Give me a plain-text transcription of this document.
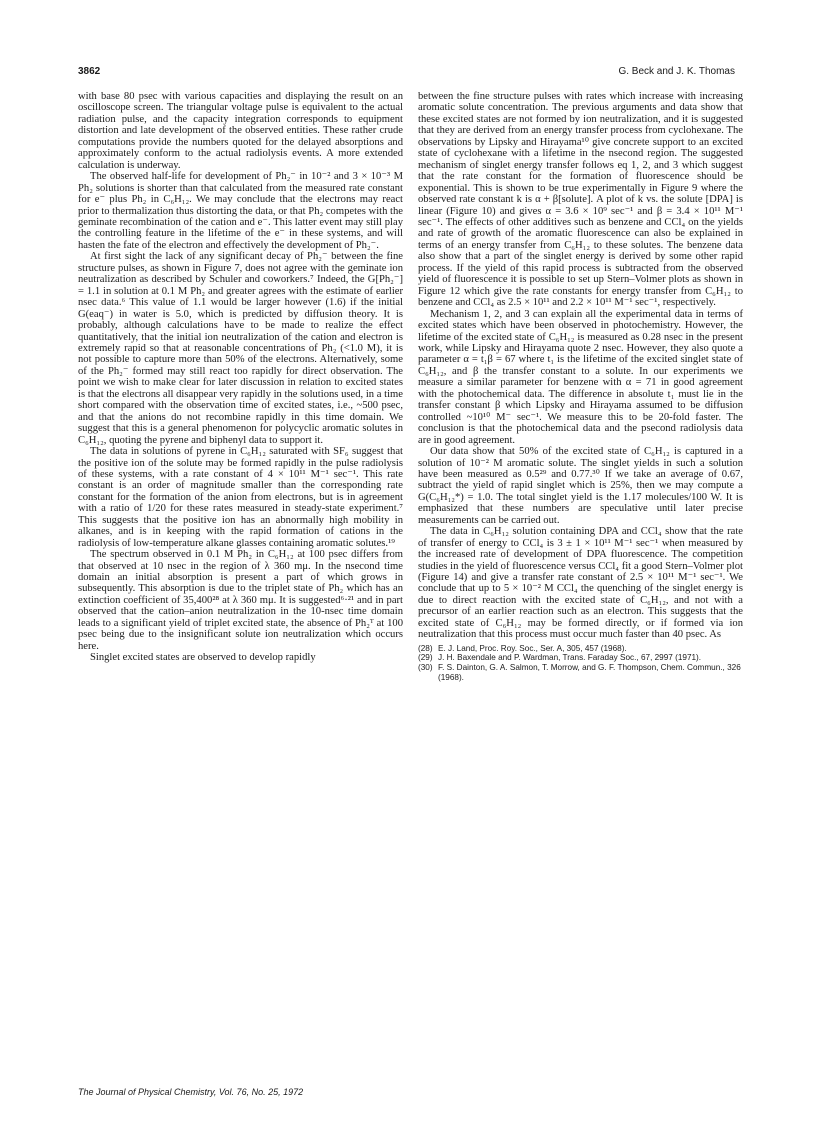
3862	G. Beck and J. K. Thomas

with base 80 psec with various capacities and displaying the result on an oscilloscope screen. The triangular voltage pulse is equivalent to the actual radiation pulse, and the capacity integration corresponds to equipment distortion and late development of the observed entities. These rather crude computations provide the numbers quoted for the delayed absorptions and approximately conform to the actual radiolysis events. A more extended calculation is underway.

The observed half-life for development of Ph₂⁻ in 10⁻² and 3 × 10⁻³ M Ph₂ solutions is shorter than that calculated from the measured rate constant for e⁻ plus Ph₂ in C₆H₁₂. We may conclude that the electrons may react prior to thermalization thus distorting the data, or that Ph₂ competes with the geminate recombination of the cation and e⁻. This latter event may still play the controlling feature in the lifetime of the e⁻ in these systems, and will hasten the fate of the electron and effectively the development of Ph₂⁻.

At first sight the lack of any significant decay of Ph₂⁻ between the fine structure pulses, as shown in Figure 7, does not agree with the geminate ion neutralization as described by Schuler and coworkers.⁷ Indeed, the G[Ph₂⁻] = 1.1 in solution at 0.1 M Ph₂ and greater agrees with the estimate of earlier nsec data.⁶ This value of 1.1 would be larger however (1.6) if the initial G(eaq⁻) in water is 5.0, which is predicted by diffusion theory. It is probably, although calculations have to be made to realize the effect quantitatively, that the initial ion neutralization of the cation and electron is extremely rapid so that at reasonable concentrations of Ph₂ (<1.0 M), it is not possible to capture more than 50% of the electrons. Alternatively, some of the Ph₂⁻ formed may still react too rapidly for direct observation. The point we wish to make clear for later discussion in relation to excited states is that the electrons all disappear very rapidly in the solutions used, in a time short compared with the observation time of excited states, i.e., ~500 psec, and that the anions do not recombine rapidly in this time domain. We suggest that this is a general phenomenon for polycyclic aromatic solutes in C₆H₁₂, quoting the pyrene and biphenyl data to support it.

The data in solutions of pyrene in C₆H₁₂ saturated with SF₆ suggest that the positive ion of the solute may be formed rapidly in the pulse radiolysis of these systems, with a rate constant of 4 × 10¹¹ M⁻¹ sec⁻¹. This rate constant is an order of magnitude smaller than the corresponding rate constant for the formation of the anion from electrons, but is in agreement with a ratio of 1/20 for these rates measured in steady-state experiment.⁷ This suggests that the positive ion has an abnormally high mobility in alkanes, and is in keeping with the rapid formation of cations in the radiolysis of low-temperature alkane glasses containing aromatic solutes.¹⁹

The spectrum observed in 0.1 M Ph₂ in C₆H₁₂ at 100 psec differs from that observed at 10 nsec in the region of λ 360 mμ. In the nsecond time domain an initial absorption is present a part of which grows in subsequently. This absorption is due to the triplet state of Ph₂ which has an extinction coefficient of 35,400²⁸ at λ 360 mμ. It is suggested⁶·²¹ and in part observed that the cation–anion neutralization in the 10-nsec time domain leads to a significant yield of triplet excited state, the absence of Ph₂ᵀ at 100 psec being due to the insignificant solute ion neutralization which occurs here.

Singlet excited states are observed to develop rapidly

between the fine structure pulses with rates which increase with increasing aromatic solute concentration. The previous arguments and data show that these excited states are not formed by ion neutralization, and it is suggested that they are derived from an energy transfer process from cyclohexane. The observations by Lipsky and Hirayama¹⁰ give concrete support to an excited state of cyclohexane with a lifetime in the nsecond region. The suggested mechanism of singlet energy transfer follows eq 1, 2, and 3 which suggest that the rate constant for the formation of fluorescence should be exponential. This is shown to be true experimentally in Figure 9 where the observed rate constant k is α + β[solute]. A plot of k vs. the solute [DPA] is linear (Figure 10) and gives α = 3.6 × 10⁹ sec⁻¹ and β = 3.4 × 10¹¹ M⁻¹ sec⁻¹. The effects of other additives such as benzene and CCl₄ on the yields and rate of growth of the aromatic fluorescence can also be explained in terms of an energy transfer from C₆H₁₂ to these solutes. The benzene data also show that a part of the singlet energy is derived by some other rapid process. If the yield of this rapid process is subtracted from the observed yield of fluorescence it is possible to set up Stern–Volmer plots as shown in Figure 12 which give the rate constants for energy transfer from C₆H₁₂ to benzene and CCl₄ as 2.5 × 10¹¹ and 2.2 × 10¹¹ M⁻¹ sec⁻¹, respectively.

Mechanism 1, 2, and 3 can explain all the experimental data in terms of excited states which have been observed in photochemistry. However, the lifetime of the excited state of C₆H₁₂ is measured as 0.28 nsec in the present work, while Lipsky and Hirayama quote 2 nsec. However, they also quote a parameter α = t₁β = 67 where t₁ is the lifetime of the excited singlet state of C₆H₁₂, and β the transfer constant to a solute. In our experiments we measure a similar parameter for benzene with α = 71 in good agreement with the photochemical data. The difference in absolute t₁ must lie in the transfer constant β which Lipsky and Hirayama assumed to be diffusion controlled ~10¹⁰ M⁻ sec⁻¹. We measure this to be 20-fold faster. The conclusion is that the photochemical data and the psecond radiolysis data are in good agreement.

Our data show that 50% of the excited state of C₆H₁₂ is captured in a solution of 10⁻² M aromatic solute. The singlet yields in such a solution have been measured as 0.5²⁹ and 0.77.³⁰ If we take an average of 0.67, subtract the yield of rapid singlet which is 25%, then we may compute a G(C₆H₁₂*) = 1.0. The total singlet yield is the 1.17 molecules/100 W. It is emphasized that these numbers are speculative until later precise measurements can be carried out.

The data in C₆H₁₂ solution containing DPA and CCl₄ show that the rate of transfer of energy to CCl₄ is 3 ± 1 × 10¹¹ M⁻¹ sec⁻¹ when measured by the increased rate of development of DPA fluorescence. The competition studies in the yield of fluorescence versus CCl₄ fit a good Stern–Volmer plot (Figure 14) and give a transfer rate constant of 2.5 × 10¹¹ M⁻¹ sec⁻¹. We conclude that up to 5 × 10⁻² M CCl₄ the quenching of the singlet energy is due to direct reaction with the excited state of C₆H₁₂, and not with a precursor of an earlier reaction such as an electron. This suggests that the excited state of C₆H₁₂ may be formed directly, or if formed via ion neutralization that this process must occur much faster than 40 psec. As

(28) E. J. Land, Proc. Roy. Soc., Ser. A, 305, 457 (1968).
(29) J. H. Baxendale and P. Wardman, Trans. Faraday Soc., 67, 2997 (1971).
(30) F. S. Dainton, G. A. Salmon, T. Morrow, and G. F. Thompson, Chem. Commun., 326 (1968).
The Journal of Physical Chemistry, Vol. 76, No. 25, 1972
